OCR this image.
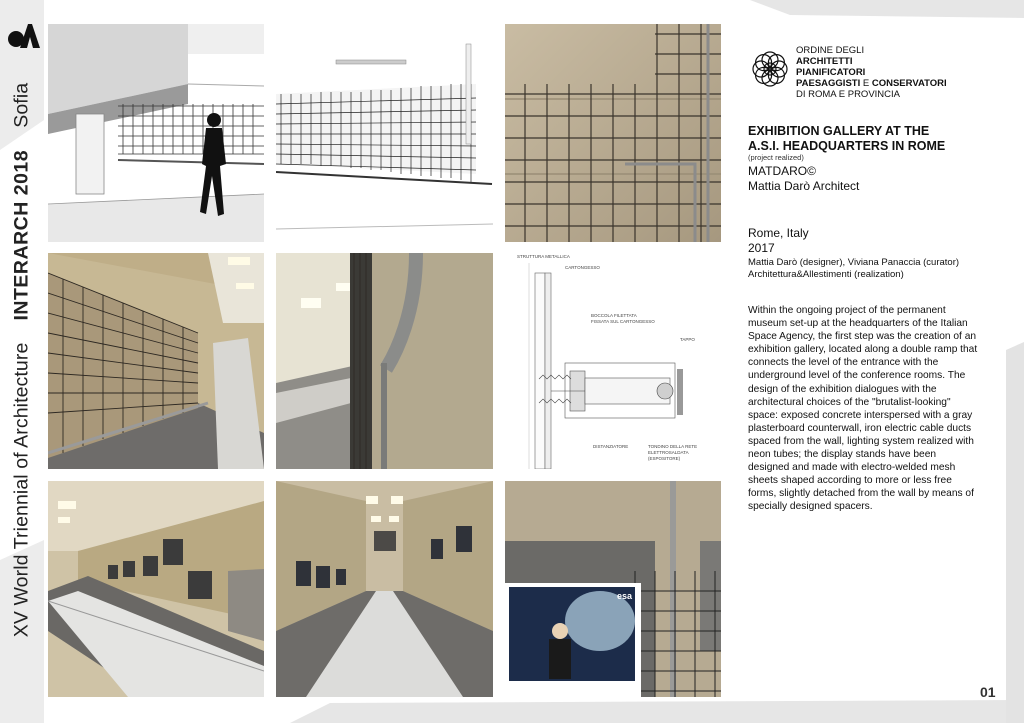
XV World Triennial of Architecture    INTERARCH 2018    Sofia
STRUTTURA METALLICA
CARTONGESSO
BOCCOLA FILETTATA
FISSATA SUL CARTONGESSO
TAPPO
DISTANZIATORE	TONDINO DELLA RETE
ELETTROSALDATA
(ESPOSITORE)
esa
ORDINE DEGLI
ARCHITETTI
PIANIFICATORI
PAESAGGISTI E CONSERVATORI
DI ROMA E PROVINCIA
EXHIBITION GALLERY AT THE
A.S.I. HEADQUARTERS IN ROME
(project realized)
MATDARO©
Mattia Darò Architect
Rome, Italy
2017
Mattia Darò (designer), Viviana Panaccia (curator)
Architettura&Allestimenti (realization)
Within the ongoing project of the permanent museum set-up at the headquarters of the Italian Space Agency, the first step was the creation of an exhibition gallery, located along a double ramp that connects the level of the entrance with the underground level of the conference rooms. The design of the exhibition dialogues with the architectural choices of the "brutalist-looking" space: exposed concrete interspersed with a gray plasterboard counterwall, iron electric cable ducts spaced from the wall, lighting system realized with neon tubes; the display stands have been designed and made with electro-welded mesh sheets shaped according to more or less free forms, slightly detached from the wall by means of specially designed spacers.
01
